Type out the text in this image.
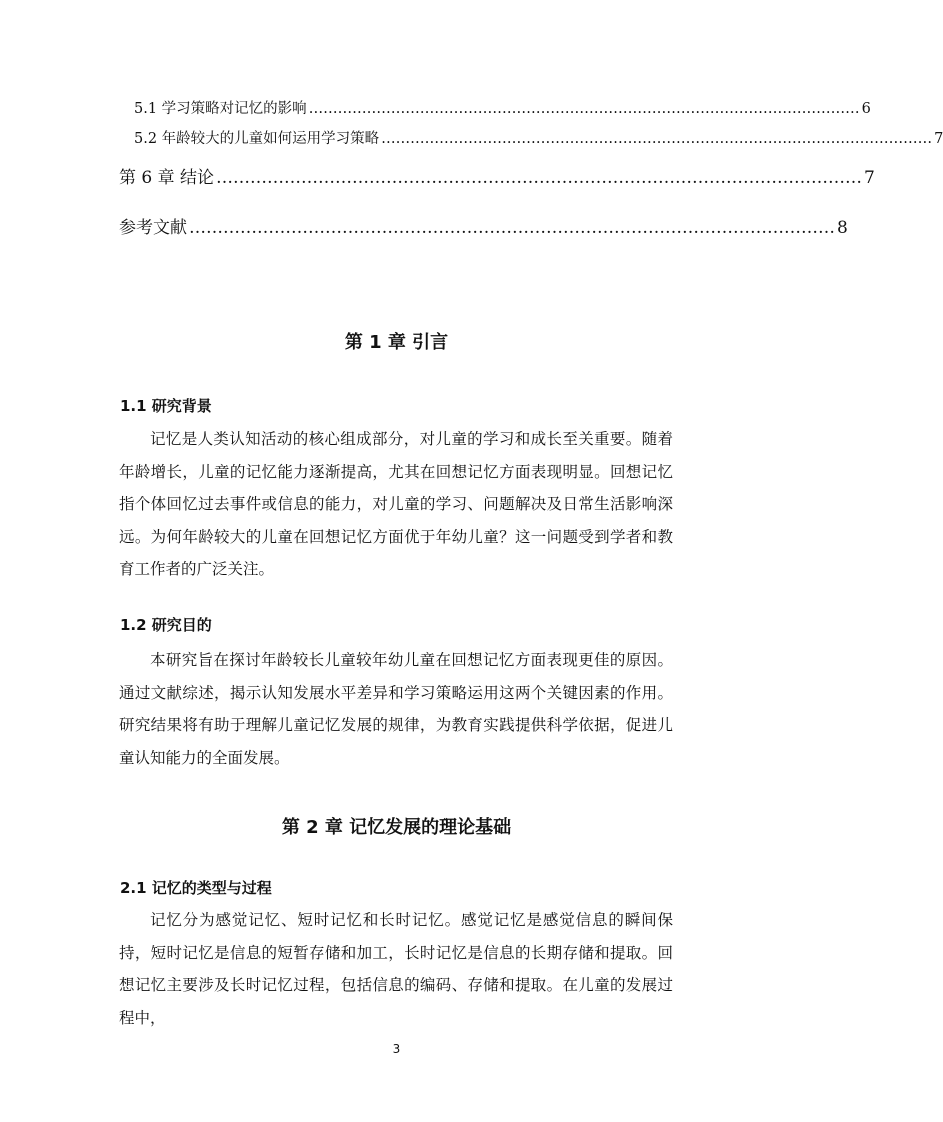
5.1 学习策略对记忆的影响 …………………………………………………………………………………………………… 6
5.2 年龄较大的儿童如何运用学习策略 …………………………………………………………………………………………………… 7
第 6 章 结论 …………………………………………………………………………………………………… 7
参考文献 …………………………………………………………………………………………………… 8
第 1 章 引言
1.1 研究背景

记忆是人类认知活动的核心组成部分，对儿童的学习和成长至关重要。随着年龄增长，儿童的记忆能力逐渐提高，尤其在回想记忆方面表现明显。回想记忆指个体回忆过去事件或信息的能力，对儿童的学习、问题解决及日常生活影响深远。为何年龄较大的儿童在回想记忆方面优于年幼儿童？这一问题受到学者和教育工作者的广泛关注。

1.2 研究目的

本研究旨在探讨年龄较长儿童较年幼儿童在回想记忆方面表现更佳的原因。通过文献综述，揭示认知发展水平差异和学习策略运用这两个关键因素的作用。研究结果将有助于理解儿童记忆发展的规律，为教育实践提供科学依据，促进儿童认知能力的全面发展。

第 2 章 记忆发展的理论基础
2.1 记忆的类型与过程

记忆分为感觉记忆、短时记忆和长时记忆。感觉记忆是感觉信息的瞬间保持，短时记忆是信息的短暂存储和加工，长时记忆是信息的长期存储和提取。回想记忆主要涉及长时记忆过程，包括信息的编码、存储和提取。在儿童的发展过程中，

3
